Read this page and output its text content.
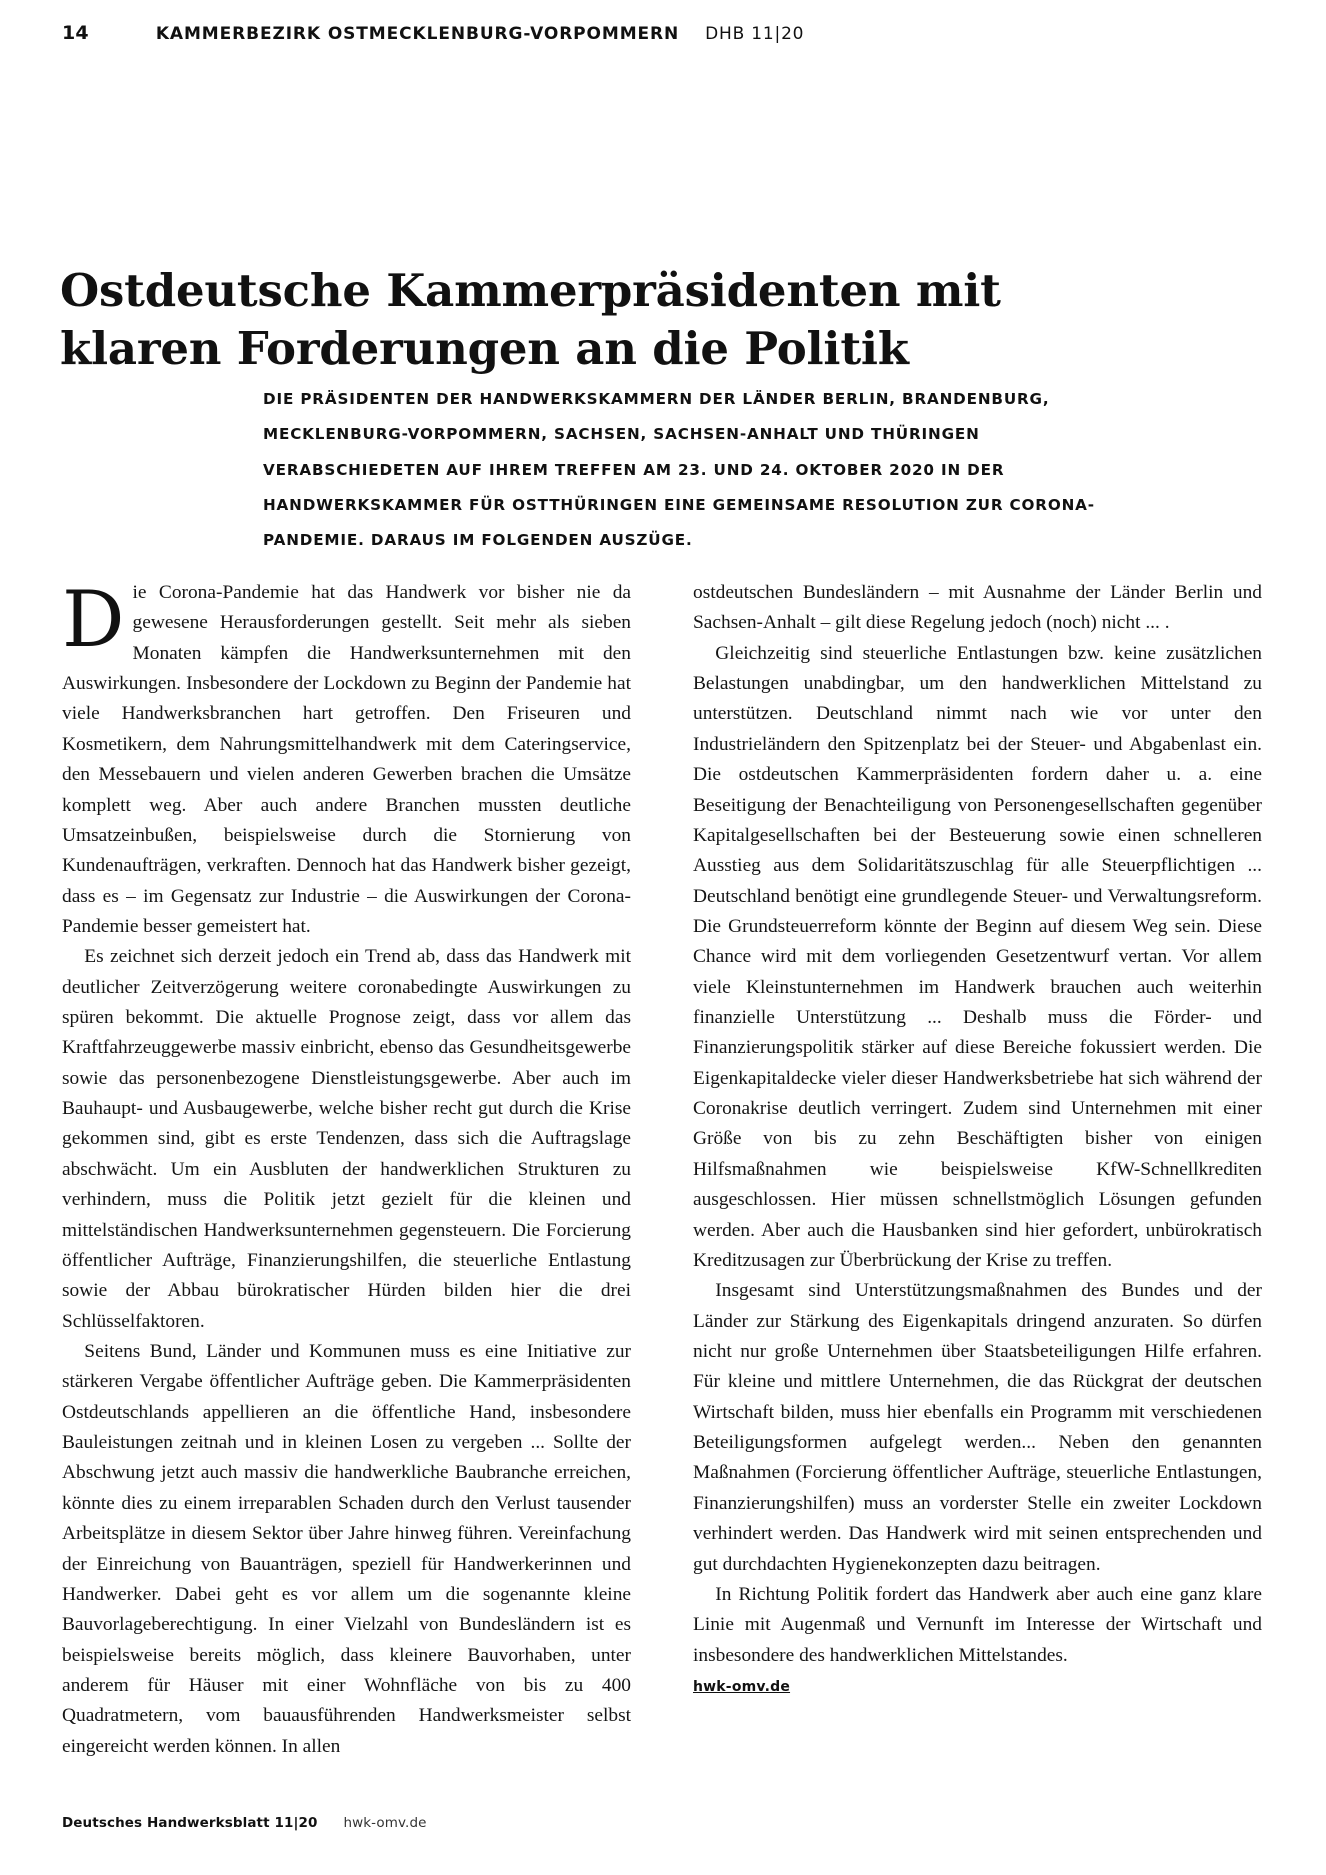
14	KAMMERBEZIRK OSTMECKLENBURG-VORPOMMERN DHB 11|20
Ostdeutsche Kammerpräsidenten mit
klaren Forderungen an die Politik
DIE PRÄSIDENTEN DER HANDWERKSKAMMERN DER LÄNDER BERLIN, BRANDENBURG, MECKLENBURG-VORPOMMERN, SACHSEN, SACHSEN-ANHALT UND THÜRINGEN VERABSCHIEDETEN AUF IHREM TREFFEN AM 23. UND 24. OKTOBER 2020 IN DER HANDWERKSKAMMER FÜR OSTTHÜRINGEN EINE GEMEINSAME RESOLUTION ZUR CORONA-PANDEMIE. DARAUS IM FOLGENDEN AUSZÜGE.

Die Corona-Pandemie hat das Handwerk vor bisher nie da gewesene Herausforderungen gestellt. Seit mehr als sieben Monaten kämpfen die Handwerksunternehmen mit den Auswirkungen. Insbesondere der Lockdown zu Beginn der Pandemie hat viele Handwerksbranchen hart getroffen. Den Friseuren und Kosmetikern, dem Nahrungsmittelhandwerk mit dem Cateringservice, den Messebauern und vielen anderen Gewerben brachen die Umsätze komplett weg. Aber auch andere Branchen mussten deutliche Umsatzeinbußen, beispielsweise durch die Stornierung von Kundenaufträgen, verkraften. Dennoch hat das Handwerk bisher gezeigt, dass es – im Gegensatz zur Industrie – die Auswirkungen der Corona-Pandemie besser gemeistert hat.

Es zeichnet sich derzeit jedoch ein Trend ab, dass das Handwerk mit deutlicher Zeitverzögerung weitere coronabedingte Auswirkungen zu spüren bekommt. Die aktuelle Prognose zeigt, dass vor allem das Kraftfahrzeuggewerbe massiv einbricht, ebenso das Gesundheitsgewerbe sowie das personenbezogene Dienstleistungsgewerbe. Aber auch im Bauhaupt- und Ausbaugewerbe, welche bisher recht gut durch die Krise gekommen sind, gibt es erste Tendenzen, dass sich die Auftragslage abschwächt. Um ein Ausbluten der handwerklichen Strukturen zu verhindern, muss die Politik jetzt gezielt für die kleinen und mittelständischen Handwerksunternehmen gegensteuern. Die Forcierung öffentlicher Aufträge, Finanzierungshilfen, die steuerliche Entlastung sowie der Abbau bürokratischer Hürden bilden hier die drei Schlüsselfaktoren.

Seitens Bund, Länder und Kommunen muss es eine Initiative zur stärkeren Vergabe öffentlicher Aufträge geben. Die Kammerpräsidenten Ostdeutschlands appellieren an die öffentliche Hand, insbesondere Bauleistungen zeitnah und in kleinen Losen zu vergeben ... Sollte der Abschwung jetzt auch massiv die handwerkliche Baubranche erreichen, könnte dies zu einem irreparablen Schaden durch den Verlust tausender Arbeitsplätze in diesem Sektor über Jahre hinweg führen. Vereinfachung der Einreichung von Bauanträgen, speziell für Handwerkerinnen und Handwerker. Dabei geht es vor allem um die sogenannte kleine Bauvorlageberechtigung. In einer Vielzahl von Bundesländern ist es beispielsweise bereits möglich, dass kleinere Bauvorhaben, unter anderem für Häuser mit einer Wohnfläche von bis zu 400 Quadratmetern, vom bauausführenden Handwerksmeister selbst eingereicht werden können. In allen

ostdeutschen Bundesländern – mit Ausnahme der Länder Berlin und Sachsen-Anhalt – gilt diese Regelung jedoch (noch) nicht ... .

Gleichzeitig sind steuerliche Entlastungen bzw. keine zusätzlichen Belastungen unabdingbar, um den handwerklichen Mittelstand zu unterstützen. Deutschland nimmt nach wie vor unter den Industrieländern den Spitzenplatz bei der Steuer- und Abgabenlast ein. Die ostdeutschen Kammerpräsidenten fordern daher u. a. eine Beseitigung der Benachteiligung von Personengesellschaften gegenüber Kapitalgesellschaften bei der Besteuerung sowie einen schnelleren Ausstieg aus dem Solidaritätszuschlag für alle Steuerpflichtigen ... Deutschland benötigt eine grundlegende Steuer- und Verwaltungsreform. Die Grundsteuerreform könnte der Beginn auf diesem Weg sein. Diese Chance wird mit dem vorliegenden Gesetzentwurf vertan. Vor allem viele Kleinstunternehmen im Handwerk brauchen auch weiterhin finanzielle Unterstützung ... Deshalb muss die Förder- und Finanzierungspolitik stärker auf diese Bereiche fokussiert werden. Die Eigenkapitaldecke vieler dieser Handwerksbetriebe hat sich während der Coronakrise deutlich verringert. Zudem sind Unternehmen mit einer Größe von bis zu zehn Beschäftigten bisher von einigen Hilfsmaßnahmen wie beispielsweise KfW-Schnellkrediten ausgeschlossen. Hier müssen schnellstmöglich Lösungen gefunden werden. Aber auch die Hausbanken sind hier gefordert, unbürokratisch Kreditzusagen zur Überbrückung der Krise zu treffen.

Insgesamt sind Unterstützungsmaßnahmen des Bundes und der Länder zur Stärkung des Eigenkapitals dringend anzuraten. So dürfen nicht nur große Unternehmen über Staatsbeteiligungen Hilfe erfahren. Für kleine und mittlere Unternehmen, die das Rückgrat der deutschen Wirtschaft bilden, muss hier ebenfalls ein Programm mit verschiedenen Beteiligungsformen aufgelegt werden... Neben den genannten Maßnahmen (Forcierung öffentlicher Aufträge, steuerliche Entlastungen, Finanzierungshilfen) muss an vorderster Stelle ein zweiter Lockdown verhindert werden. Das Handwerk wird mit seinen entsprechenden und gut durchdachten Hygienekonzepten dazu beitragen.

In Richtung Politik fordert das Handwerk aber auch eine ganz klare Linie mit Augenmaß und Vernunft im Interesse der Wirtschaft und insbesondere des handwerklichen Mittelstandes.

hwk-omv.de
Deutsches Handwerksblatt 11|20 hwk-omv.de
